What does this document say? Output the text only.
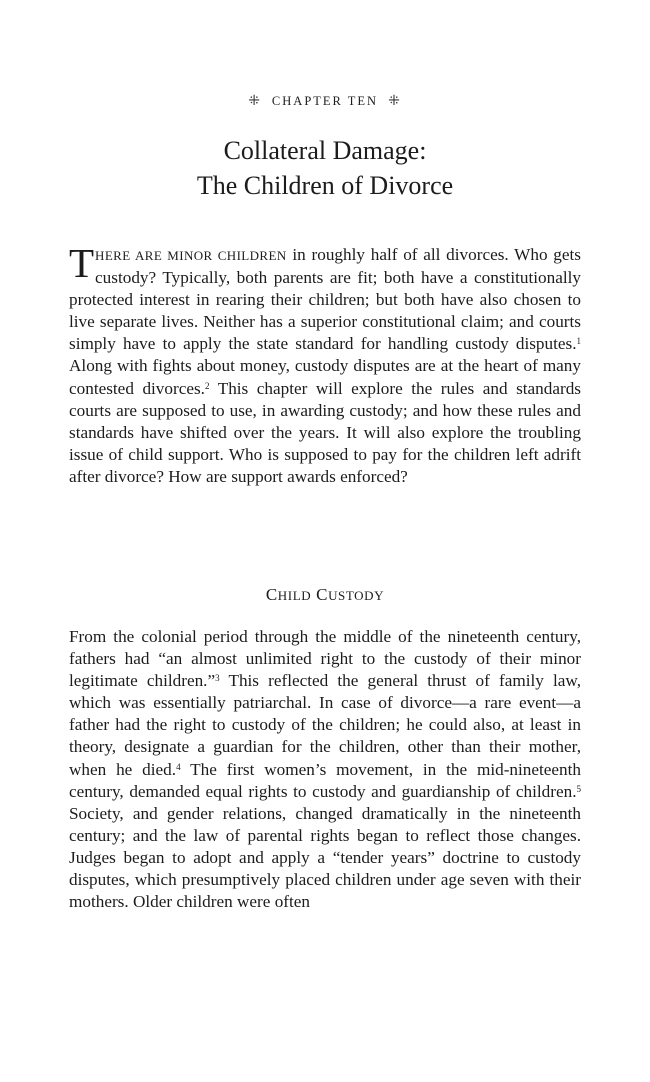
⁜ CHAPTER TEN ⁜
Collateral Damage:
The Children of Divorce

THERE ARE MINOR CHILDREN in roughly half of all divorces. Who gets custody? Typically, both parents are fit; both have a constitutionally protected interest in rearing their children; but both have also chosen to live separate lives. Neither has a superior constitutional claim; and courts simply have to apply the state standard for handling custody disputes.$^1$ Along with fights about money, custody disputes are at the heart of many contested divorces.$^2$ This chapter will explore the rules and standards courts are supposed to use, in awarding custody; and how these rules and standards have shifted over the years. It will also explore the troubling issue of child support. Who is supposed to pay for the children left adrift after divorce? How are support awards enforced?

CHILD CUSTODY

From the colonial period through the middle of the nineteenth century, fathers had “an almost unlimited right to the custody of their minor legitimate children.”$^3$ This reflected the general thrust of family law, which was essentially patriarchal. In case of divorce—a rare event—a father had the right to custody of the children; he could also, at least in theory, designate a guardian for the children, other than their mother, when he died.$^4$ The first women’s movement, in the mid-nineteenth century, demanded equal rights to custody and guardianship of children.$^5$ Society, and gender relations, changed dramatically in the nineteenth century; and the law of parental rights began to reflect those changes. Judges began to adopt and apply a “tender years” doctrine to custody disputes, which presumptively placed children under age seven with their mothers. Older children were often
